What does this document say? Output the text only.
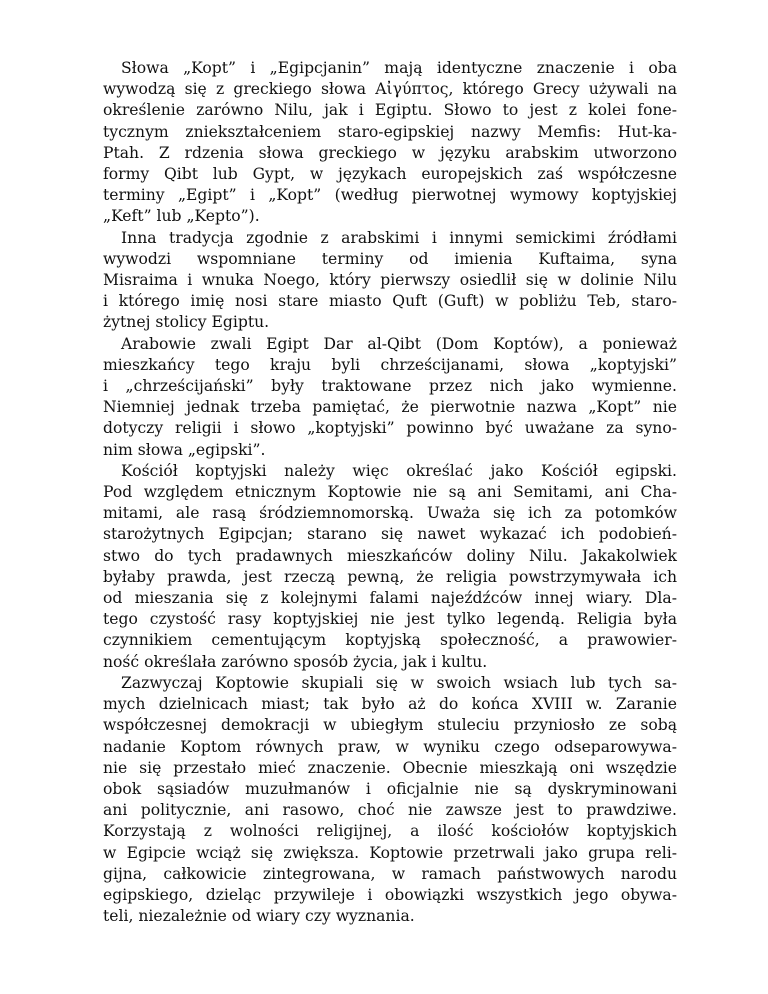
Słowa „Kopt” i „Egipcjanin” mają identyczne znaczenie i oba
wywodzą się z greckiego słowa Αἰγύπτος, którego Grecy używali na
określenie zarówno Nilu, jak i Egiptu. Słowo to jest z kolei fone-
tycznym zniekształceniem staro-egipskiej nazwy Memfis: Hut-ka-
Ptah. Z rdzenia słowa greckiego w języku arabskim utworzono
formy Qibt lub Gypt, w językach europejskich zaś współczesne
terminy „Egipt” i „Kopt” (według pierwotnej wymowy koptyjskiej
„Keft” lub „Kepto”).

Inna tradycja zgodnie z arabskimi i innymi semickimi źródłami
wywodzi wspomniane terminy od imienia Kuftaima, syna
Misraima i wnuka Noego, który pierwszy osiedlił się w dolinie Nilu
i którego imię nosi stare miasto Quft (Guft) w pobliżu Teb, staro-
żytnej stolicy Egiptu.

Arabowie zwali Egipt Dar al-Qibt (Dom Koptów), a ponieważ
mieszkańcy tego kraju byli chrześcijanami, słowa „koptyjski”
i „chrześcijański” były traktowane przez nich jako wymienne.
Niemniej jednak trzeba pamiętać, że pierwotnie nazwa „Kopt” nie
dotyczy religii i słowo „koptyjski” powinno być uważane za syno-
nim słowa „egipski”.

Kościół koptyjski należy więc określać jako Kościół egipski.
Pod względem etnicznym Koptowie nie są ani Semitami, ani Cha-
mitami, ale rasą śródziemnomorską. Uważa się ich za potomków
starożytnych Egipcjan; starano się nawet wykazać ich podobień-
stwo do tych pradawnych mieszkańców doliny Nilu. Jakakolwiek
byłaby prawda, jest rzeczą pewną, że religia powstrzymywała ich
od mieszania się z kolejnymi falami najeźdźców innej wiary. Dla-
tego czystość rasy koptyjskiej nie jest tylko legendą. Religia była
czynnikiem cementującym koptyjską społeczność, a prawowier-
ność określała zarówno sposób życia, jak i kultu.

Zazwyczaj Koptowie skupiali się w swoich wsiach lub tych sa-
mych dzielnicach miast; tak było aż do końca XVIII w. Zaranie
współczesnej demokracji w ubiegłym stuleciu przyniosło ze sobą
nadanie Koptom równych praw, w wyniku czego odseparowywa-
nie się przestało mieć znaczenie. Obecnie mieszkają oni wszędzie
obok sąsiadów muzułmanów i oficjalnie nie są dyskryminowani
ani politycznie, ani rasowo, choć nie zawsze jest to prawdziwe.
Korzystają z wolności religijnej, a ilość kościołów koptyjskich
w Egipcie wciąż się zwiększa. Koptowie przetrwali jako grupa reli-
gijna, całkowicie zintegrowana, w ramach państwowych narodu
egipskiego, dzieląc przywileje i obowiązki wszystkich jego obywa-
teli, niezależnie od wiary czy wyznania.
